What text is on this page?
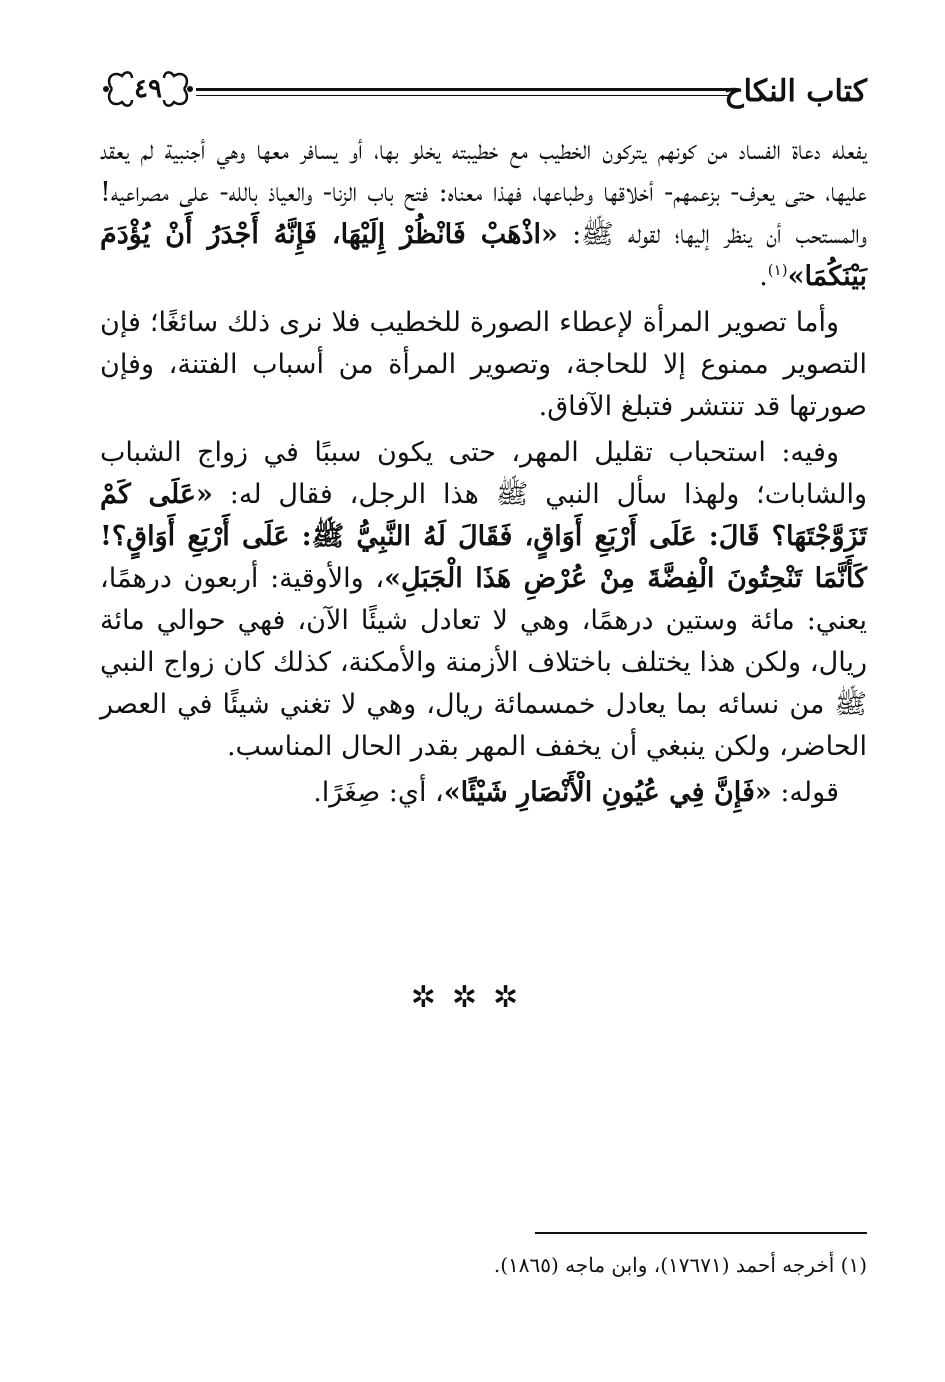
كتاب النكاح
٤٩

يفعله دعاة الفساد من كونهم يتركون الخطيب مع خطيبته يخلو بها، أو يسافر معها وهي أجنبية لم يعقد عليها، حتى يعرف- بزعمهم- أخلاقها وطباعها، فهذا معناه: فتح باب الزنا- والعياذ بالله- على مصراعيه! والمستحب أن ينظر إليها؛ لقوله ﷺ: «اذْهَبْ فَانْظُرْ إِلَيْهَا، فَإِنَّهُ أَجْدَرُ أَنْ يُؤْدَمَ بَيْنَكُمَا»$^{(١)}$.

وأما تصوير المرأة لإعطاء الصورة للخطيب فلا نرى ذلك سائغًا؛ فإن التصوير ممنوع إلا للحاجة، وتصوير المرأة من أسباب الفتنة، وفإن صورتها قد تنتشر فتبلغ الآفاق.

وفيه: استحباب تقليل المهر، حتى يكون سببًا في زواج الشباب والشابات؛ ولهذا سأل النبي ﷺ هذا الرجل، فقال له: «عَلَى كَمْ تَزَوَّجْتَهَا؟ قَالَ: عَلَى أَرْبَعِ أَوَاقٍ، فَقَالَ لَهُ النَّبِيُّ ﷺ: عَلَى أَرْبَعِ أَوَاقٍ؟! كَأَنَّمَا تَنْحِتُونَ الْفِضَّةَ مِنْ عُرْضِ هَذَا الْجَبَلِ»، والأوقية: أربعون درهمًا، يعني: مائة وستين درهمًا، وهي لا تعادل شيئًا الآن، فهي حوالي مائة ريال، ولكن هذا يختلف باختلاف الأزمنة والأمكنة، كذلك كان زواج النبي ﷺ من نسائه بما يعادل خمسمائة ريال، وهي لا تغني شيئًا في العصر الحاضر، ولكن ينبغي أن يخفف المهر بقدر الحال المناسب.

قوله: «فَإِنَّ فِي عُيُونِ الْأَنْصَارِ شَيْئًا»، أي: صِغَرًا.

✲✲✲
(١) أخرجه أحمد (١٧٦٧١)، وابن ماجه (١٨٦٥).
